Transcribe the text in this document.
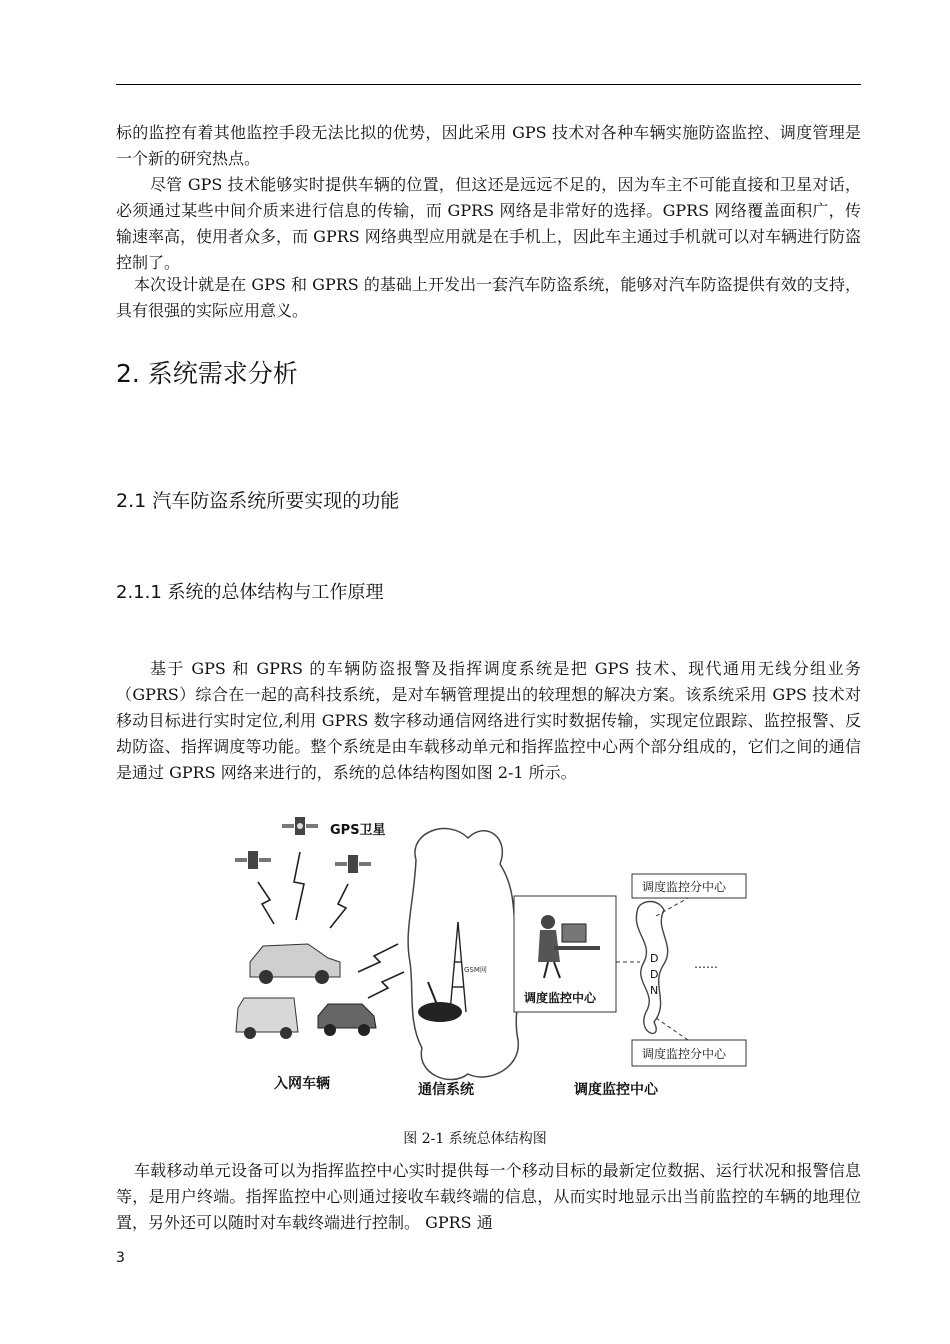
标的监控有着其他监控手段无法比拟的优势，因此采用 GPS 技术对各种车辆实施防盗监控、调度管理是一个新的研究热点。

尽管 GPS 技术能够实时提供车辆的位置，但这还是远远不足的，因为车主不可能直接和卫星对话，必须通过某些中间介质来进行信息的传输，而 GPRS 网络是非常好的选择。GPRS 网络覆盖面积广，传输速率高，使用者众多，而 GPRS 网络典型应用就是在手机上，因此车主通过手机就可以对车辆进行防盗控制了。

本次设计就是在 GPS 和 GPRS 的基础上开发出一套汽车防盗系统，能够对汽车防盗提供有效的支持，具有很强的实际应用意义。

2. 系统需求分析
2.1 汽车防盗系统所要实现的功能
2.1.1 系统的总体结构与工作原理

基于 GPS 和 GPRS 的车辆防盗报警及指挥调度系统是把 GPS 技术、现代通用无线分组业务（GPRS）综合在一起的高科技系统，是对车辆管理提出的较理想的解决方案。该系统采用 GPS 技术对移动目标进行实时定位,利用 GPRS 数字移动通信网络进行实时数据传输，实现定位跟踪、监控报警、反劫防盗、指挥调度等功能。整个系统是由车载移动单元和指挥监控中心两个部分组成的，它们之间的通信是通过 GPRS 网络来进行的，系统的总体结构图如图 2-1 所示。

GPS卫星
GSM网
调度监控中心
D
D
N
调度监控分中心
调度监控分中心
……
入网车辆	通信系统	调度监控中心
图 2-1 系统总体结构图

车载移动单元设备可以为指挥监控中心实时提供每一个移动目标的最新定位数据、运行状况和报警信息等，是用户终端。指挥监控中心则通过接收车载终端的信息，从而实时地显示出当前监控的车辆的地理位置，另外还可以随时对车载终端进行控制。 GPRS 通

3
